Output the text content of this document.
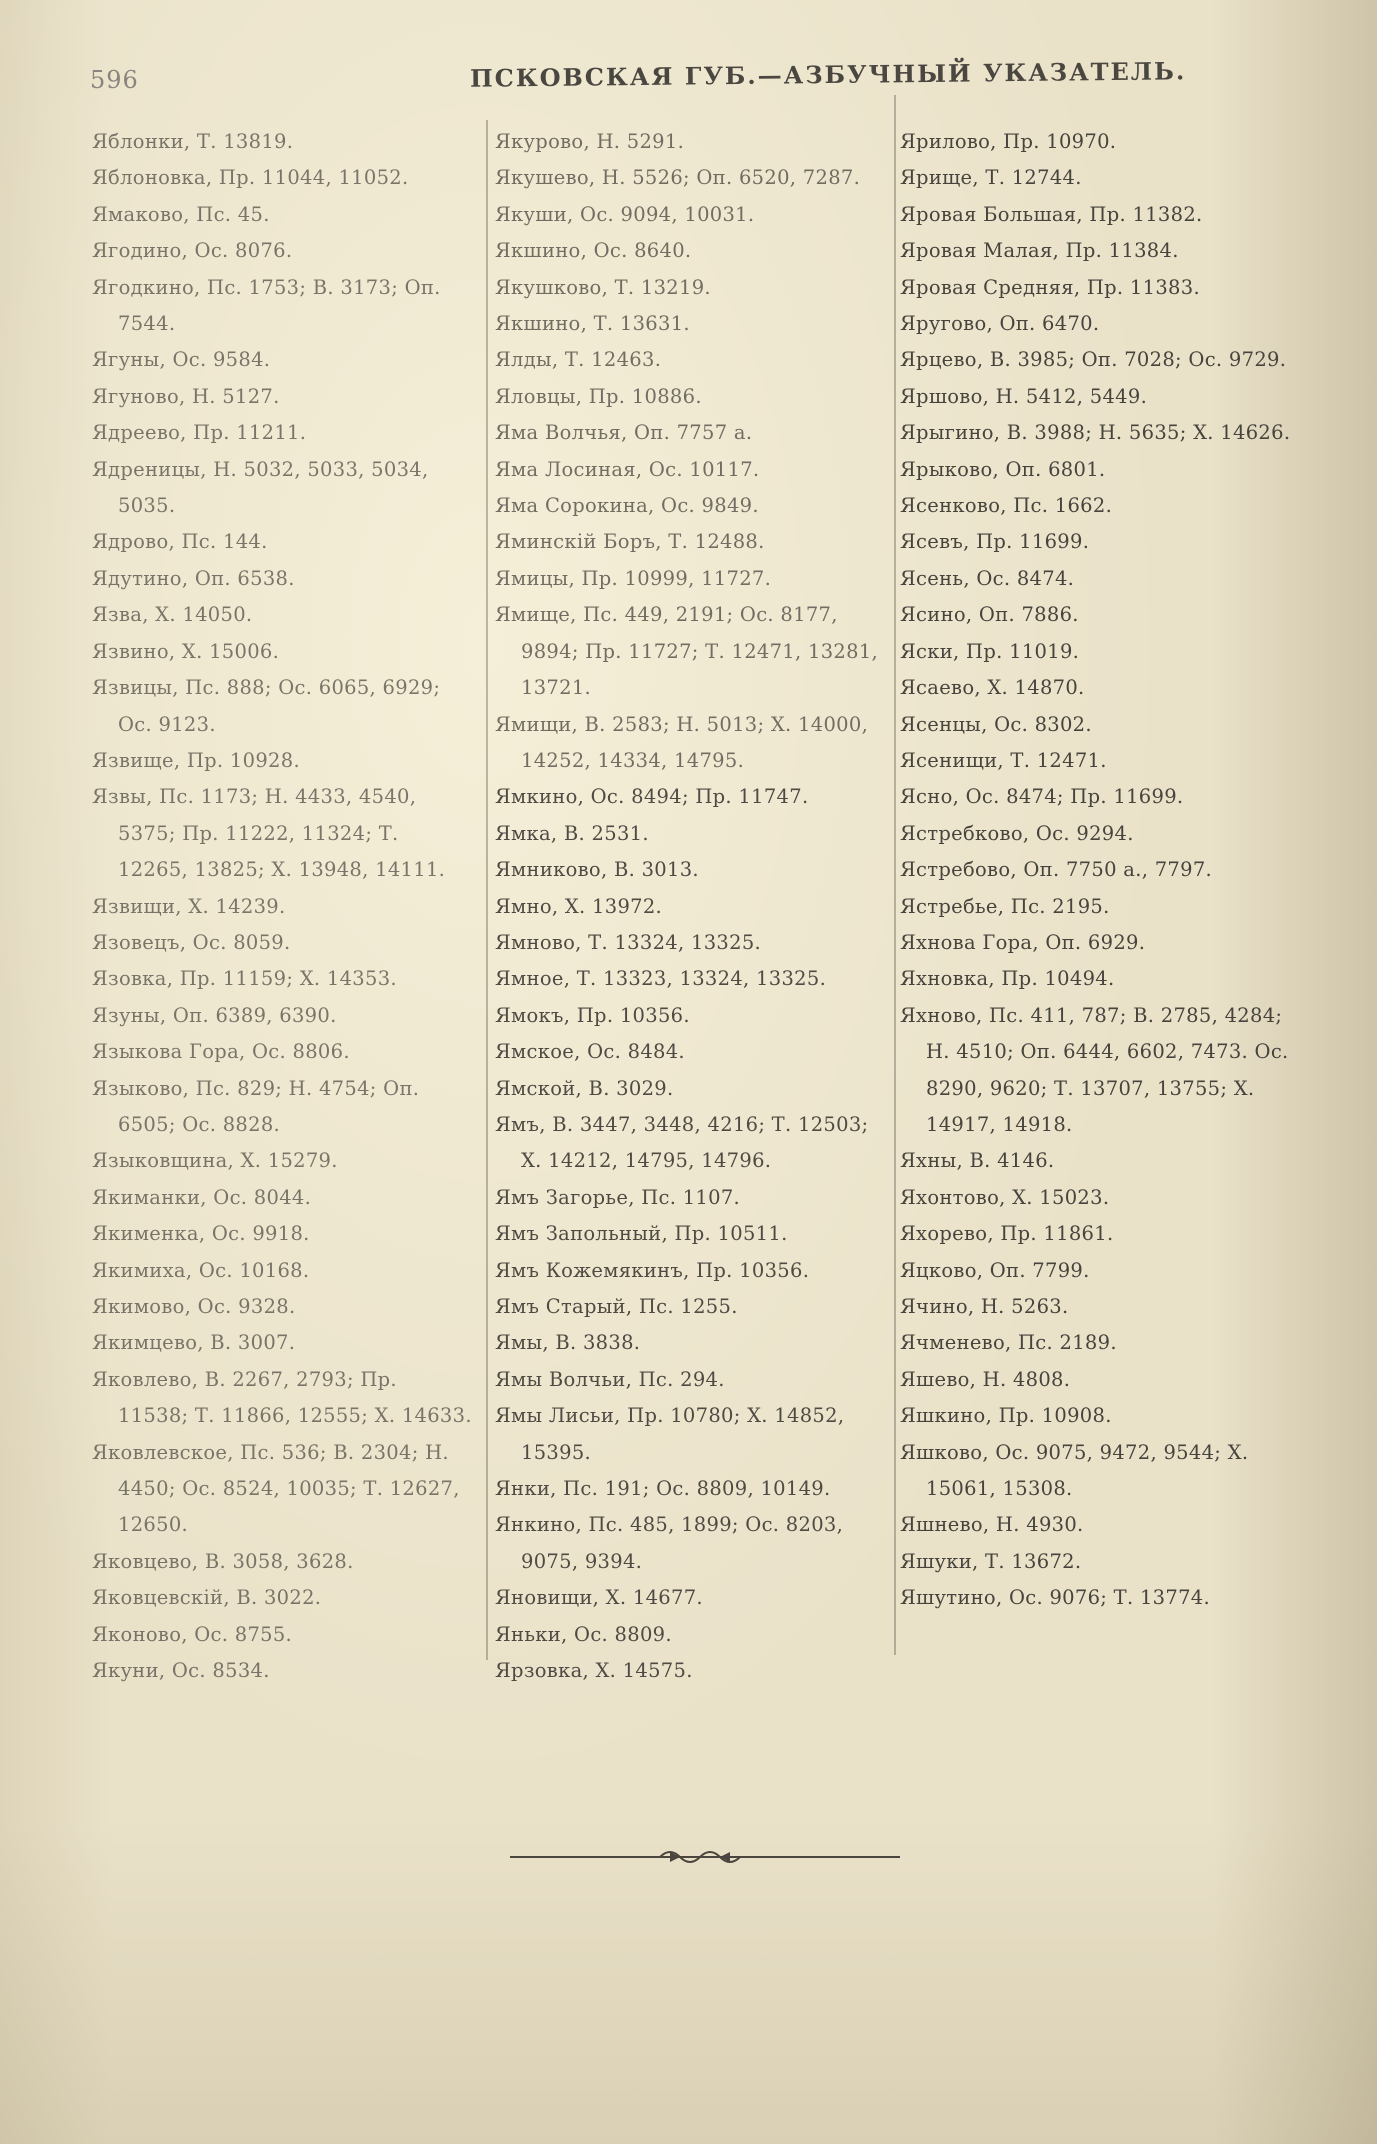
596	ПСКОВСКАЯ ГУБ.—АЗБУЧНЫЙ УКАЗАТЕЛЬ.

Яблонки, Т. 13819.

Яблоновка, Пр. 11044, 11052.

Ямаково, Пс. 45.

Ягодино, Ос. 8076.

Ягодкино, Пс. 1753; В. 3173; Оп. 7544.

Ягуны, Ос. 9584.

Ягуново, Н. 5127.

Ядреево, Пр. 11211.

Ядреницы, Н. 5032, 5033, 5034, 5035.

Ядрово, Пс. 144.

Ядутино, Оп. 6538.

Язва, Х. 14050.

Язвино, Х. 15006.

Язвицы, Пс. 888; Ос. 6065, 6929; Ос. 9123.

Язвище, Пр. 10928.

Язвы, Пс. 1173; Н. 4433, 4540, 5375; Пр. 11222, 11324; Т. 12265, 13825; Х. 13948, 14111.

Язвищи, Х. 14239.

Язовецъ, Ос. 8059.

Язовка, Пр. 11159; Х. 14353.

Язуны, Оп. 6389, 6390.

Языкова Гора, Ос. 8806.

Языково, Пс. 829; Н. 4754; Оп. 6505; Ос. 8828.

Языковщина, Х. 15279.

Якиманки, Ос. 8044.

Якименка, Ос. 9918.

Якимиха, Ос. 10168.

Якимово, Ос. 9328.

Якимцево, В. 3007.

Яковлево, В. 2267, 2793; Пр. 11538; Т. 11866, 12555; Х. 14633.

Яковлевское, Пс. 536; В. 2304; Н. 4450; Ос. 8524, 10035; Т. 12627, 12650.

Яковцево, В. 3058, 3628.

Яковцевскій, В. 3022.

Яконово, Ос. 8755.

Якуни, Ос. 8534.

Якурово, Н. 5291.

Якушево, Н. 5526; Оп. 6520, 7287.

Якуши, Ос. 9094, 10031.

Якшино, Ос. 8640.

Якушково, Т. 13219.

Якшино, Т. 13631.

Ялды, Т. 12463.

Яловцы, Пр. 10886.

Яма Волчья, Оп. 7757 а.

Яма Лосиная, Ос. 10117.

Яма Сорокина, Ос. 9849.

Яминскій Боръ, Т. 12488.

Ямицы, Пр. 10999, 11727.

Ямище, Пс. 449, 2191; Ос. 8177, 9894; Пр. 11727; Т. 12471, 13281, 13721.

Ямищи, В. 2583; Н. 5013; Х. 14000, 14252, 14334, 14795.

Ямкино, Ос. 8494; Пр. 11747.

Ямка, В. 2531.

Ямниково, В. 3013.

Ямно, Х. 13972.

Ямново, Т. 13324, 13325.

Ямное, Т. 13323, 13324, 13325.

Ямокъ, Пр. 10356.

Ямское, Ос. 8484.

Ямской, В. 3029.

Ямъ, В. 3447, 3448, 4216; Т. 12503; Х. 14212, 14795, 14796.

Ямъ Загорье, Пс. 1107.

Ямъ Запольный, Пр. 10511.

Ямъ Кожемякинъ, Пр. 10356.

Ямъ Старый, Пс. 1255.

Ямы, В. 3838.

Ямы Волчьи, Пс. 294.

Ямы Лисьи, Пр. 10780; Х. 14852, 15395.

Янки, Пс. 191; Ос. 8809, 10149.

Янкино, Пс. 485, 1899; Ос. 8203, 9075, 9394.

Яновищи, Х. 14677.

Яньки, Ос. 8809.

Ярзовка, Х. 14575.

Ярилово, Пр. 10970.

Ярище, Т. 12744.

Яровая Большая, Пр. 11382.

Яровая Малая, Пр. 11384.

Яровая Средняя, Пр. 11383.

Яругово, Оп. 6470.

Ярцево, В. 3985; Оп. 7028; Ос. 9729.

Яршово, Н. 5412, 5449.

Ярыгино, В. 3988; Н. 5635; Х. 14626.

Ярыково, Оп. 6801.

Ясенково, Пс. 1662.

Ясевъ, Пр. 11699.

Ясень, Ос. 8474.

Ясино, Оп. 7886.

Яски, Пр. 11019.

Ясаево, Х. 14870.

Ясенцы, Ос. 8302.

Ясенищи, Т. 12471.

Ясно, Ос. 8474; Пр. 11699.

Ястребково, Ос. 9294.

Ястребово, Оп. 7750 а., 7797.

Ястребье, Пс. 2195.

Яхнова Гора, Оп. 6929.

Яхновка, Пр. 10494.

Яхново, Пс. 411, 787; В. 2785, 4284; Н. 4510; Оп. 6444, 6602, 7473. Ос. 8290, 9620; Т. 13707, 13755; Х. 14917, 14918.

Яхны, В. 4146.

Яхонтово, Х. 15023.

Яхорево, Пр. 11861.

Яцково, Оп. 7799.

Ячино, Н. 5263.

Ячменево, Пс. 2189.

Яшево, Н. 4808.

Яшкино, Пр. 10908.

Яшково, Ос. 9075, 9472, 9544; Х. 15061, 15308.

Яшнево, Н. 4930.

Яшуки, Т. 13672.

Яшутино, Ос. 9076; Т. 13774.
